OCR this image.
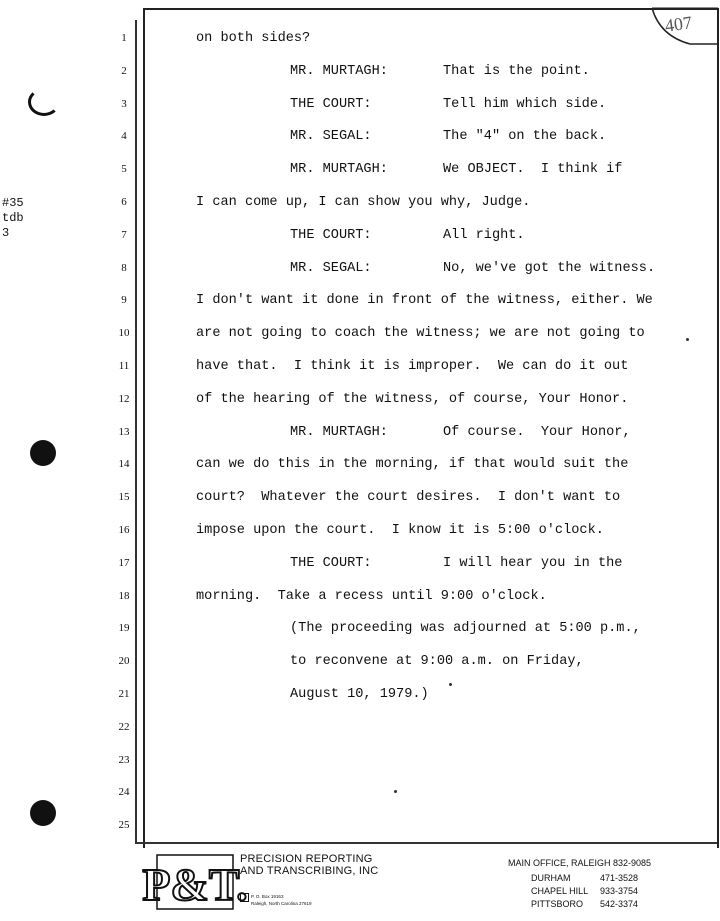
407
#35
tdb
3
1	on both sides?
2	MR. MURTAGH:	That is the point.
3	THE COURT:	Tell him which side.
4	MR. SEGAL:	The "4" on the back.
5	MR. MURTAGH:	We OBJECT.  I think if
6	I can come up, I can show you why, Judge.
7	THE COURT:	All right.
8	MR. SEGAL:	No, we've got the witness.
9	I don't want it done in front of the witness, either. We
10	are not going to coach the witness; we are not going to
11	have that.  I think it is improper.  We can do it out
12	of the hearing of the witness, of course, Your Honor.
13	MR. MURTAGH:	Of course.  Your Honor,
14	can we do this in the morning, if that would suit the
15	court?  Whatever the court desires.  I don't want to
16	impose upon the court.  I know it is 5:00 o'clock.
17	THE COURT:	I will hear you in the
18	morning.  Take a recess until 9:00 o'clock.
19	(The proceeding was adjourned at 5:00 p.m.,
20	to reconvene at 9:00 a.m. on Friday,
21	August 10, 1979.)
22
23
24
25
P&T.
PRECISION REPORTING
AND TRANSCRIBING, INC
P. O. Box 19163
Raleigh, North Carolina 27619
MAIN OFFICE, RALEIGH 832-9085
DURHAM	471-3528
CHAPEL HILL 933-3754
PITTSBORO 542-3374
